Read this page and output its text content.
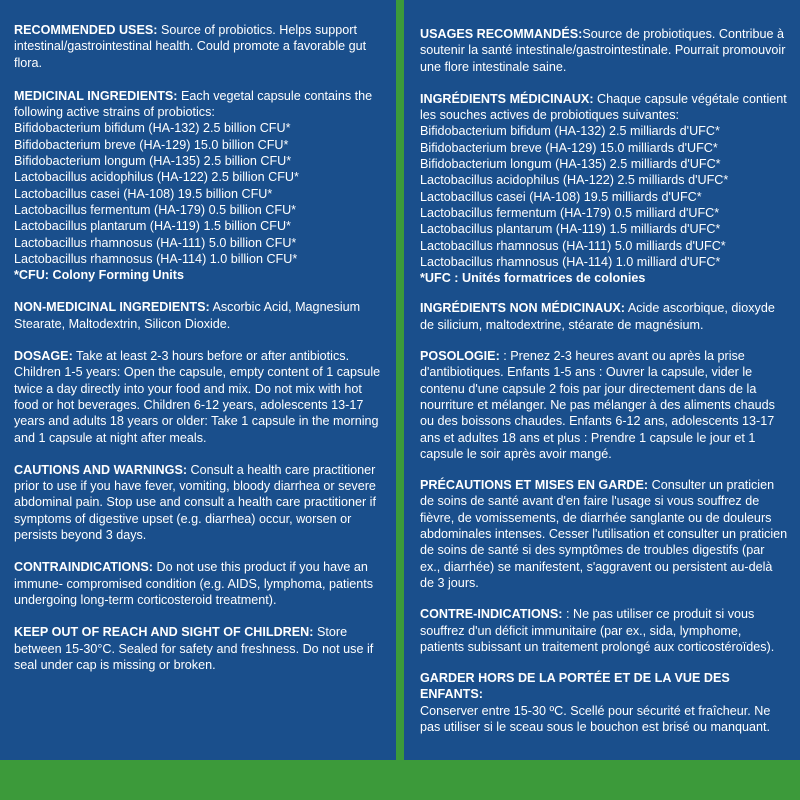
RECOMMENDED USES: Source of probiotics. Helps support intestinal/gastrointestinal health. Could promote a favorable gut flora.

MEDICINAL INGREDIENTS: Each vegetal capsule contains the following active strains of probiotics:

Bifidobacterium bifidum (HA-132) 2.5 billion CFU*

Bifidobacterium breve (HA-129) 15.0 billion CFU*

Bifidobacterium longum (HA-135) 2.5 billion CFU*

Lactobacillus acidophilus (HA-122) 2.5 billion CFU*

Lactobacillus casei (HA-108) 19.5 billion CFU*

Lactobacillus fermentum (HA-179) 0.5 billion CFU*

Lactobacillus plantarum (HA-119) 1.5 billion CFU*

Lactobacillus rhamnosus (HA-111) 5.0 billion CFU*

Lactobacillus rhamnosus (HA-114) 1.0 billion CFU*

*CFU: Colony Forming Units

NON-MEDICINAL INGREDIENTS: Ascorbic Acid, Magnesium Stearate, Maltodextrin, Silicon Dioxide.

DOSAGE: Take at least 2-3 hours before or after antibiotics. Children 1-5 years: Open the capsule, empty content of 1 capsule twice a day directly into your food and mix. Do not mix with hot food or hot beverages. Children 6-12 years, adolescents 13-17 years and adults 18 years or older: Take 1 capsule in the morning and 1 capsule at night after meals.

CAUTIONS AND WARNINGS: Consult a health care practitioner prior to use if you have fever, vomiting, bloody diarrhea or severe abdominal pain. Stop use and consult a health care practitioner if symptoms of digestive upset (e.g. diarrhea) occur, worsen or persists beyond 3 days.

CONTRAINDICATIONS: Do not use this product if you have an immune- compromised condition (e.g. AIDS, lymphoma, patients undergoing long-term corticosteroid treatment).

KEEP OUT OF REACH AND SIGHT OF CHILDREN: Store between 15-30°C. Sealed for safety and freshness. Do not use if seal under cap is missing or broken.

USAGES RECOMMANDÉS:Source de probiotiques. Contribue à soutenir la santé intestinale/gastrointestinale. Pourrait promouvoir une flore intestinale saine.

INGRÉDIENTS MÉDICINAUX: Chaque capsule végétale contient les souches actives de probiotiques suivantes:

Bifidobacterium bifidum (HA-132) 2.5 milliards d'UFC*

Bifidobacterium breve (HA-129) 15.0 milliards d'UFC*

Bifidobacterium longum (HA-135) 2.5 milliards d'UFC*

Lactobacillus acidophilus (HA-122) 2.5 milliards d'UFC*

Lactobacillus casei (HA-108) 19.5 milliards d'UFC*

Lactobacillus fermentum (HA-179) 0.5 milliard d'UFC*

Lactobacillus plantarum (HA-119) 1.5 milliards d'UFC*

Lactobacillus rhamnosus (HA-111) 5.0 milliards d'UFC*

Lactobacillus rhamnosus (HA-114) 1.0 milliard d'UFC*

*UFC : Unités formatrices de colonies

INGRÉDIENTS NON MÉDICINAUX: Acide ascorbique, dioxyde de silicium, maltodextrine, stéarate de magnésium.

POSOLOGIE: : Prenez 2-3 heures avant ou après la prise d'antibiotiques. Enfants 1-5 ans : Ouvrer la capsule, vider le contenu d'une capsule 2 fois par jour directement dans de la nourriture et mélanger. Ne pas mélanger à des aliments chauds ou des boissons chaudes. Enfants 6-12 ans, adolescents 13-17 ans et adultes 18 ans et plus : Prendre 1 capsule le jour et 1 capsule le soir après avoir mangé.

PRÉCAUTIONS ET MISES EN GARDE: Consulter un praticien de soins de santé avant d'en faire l'usage si vous souffrez de fièvre, de vomissements, de diarrhée sanglante ou de douleurs abdominales intenses. Cesser l'utilisation et consulter un praticien de soins de santé si des symptômes de troubles digestifs (par ex., diarrhée) se manifestent, s'aggravent ou persistent au-delà de 3 jours.

CONTRE-INDICATIONS: : Ne pas utiliser ce produit si vous souffrez d'un déficit immunitaire (par ex., sida, lymphome, patients subissant un traitement prolongé aux corticostéroïdes).

GARDER HORS DE LA PORTÉE ET DE LA VUE DES ENFANTS:

Conserver entre 15-30 ºC. Scellé pour sécurité et fraîcheur. Ne pas utiliser si le sceau sous le bouchon est brisé ou manquant.
